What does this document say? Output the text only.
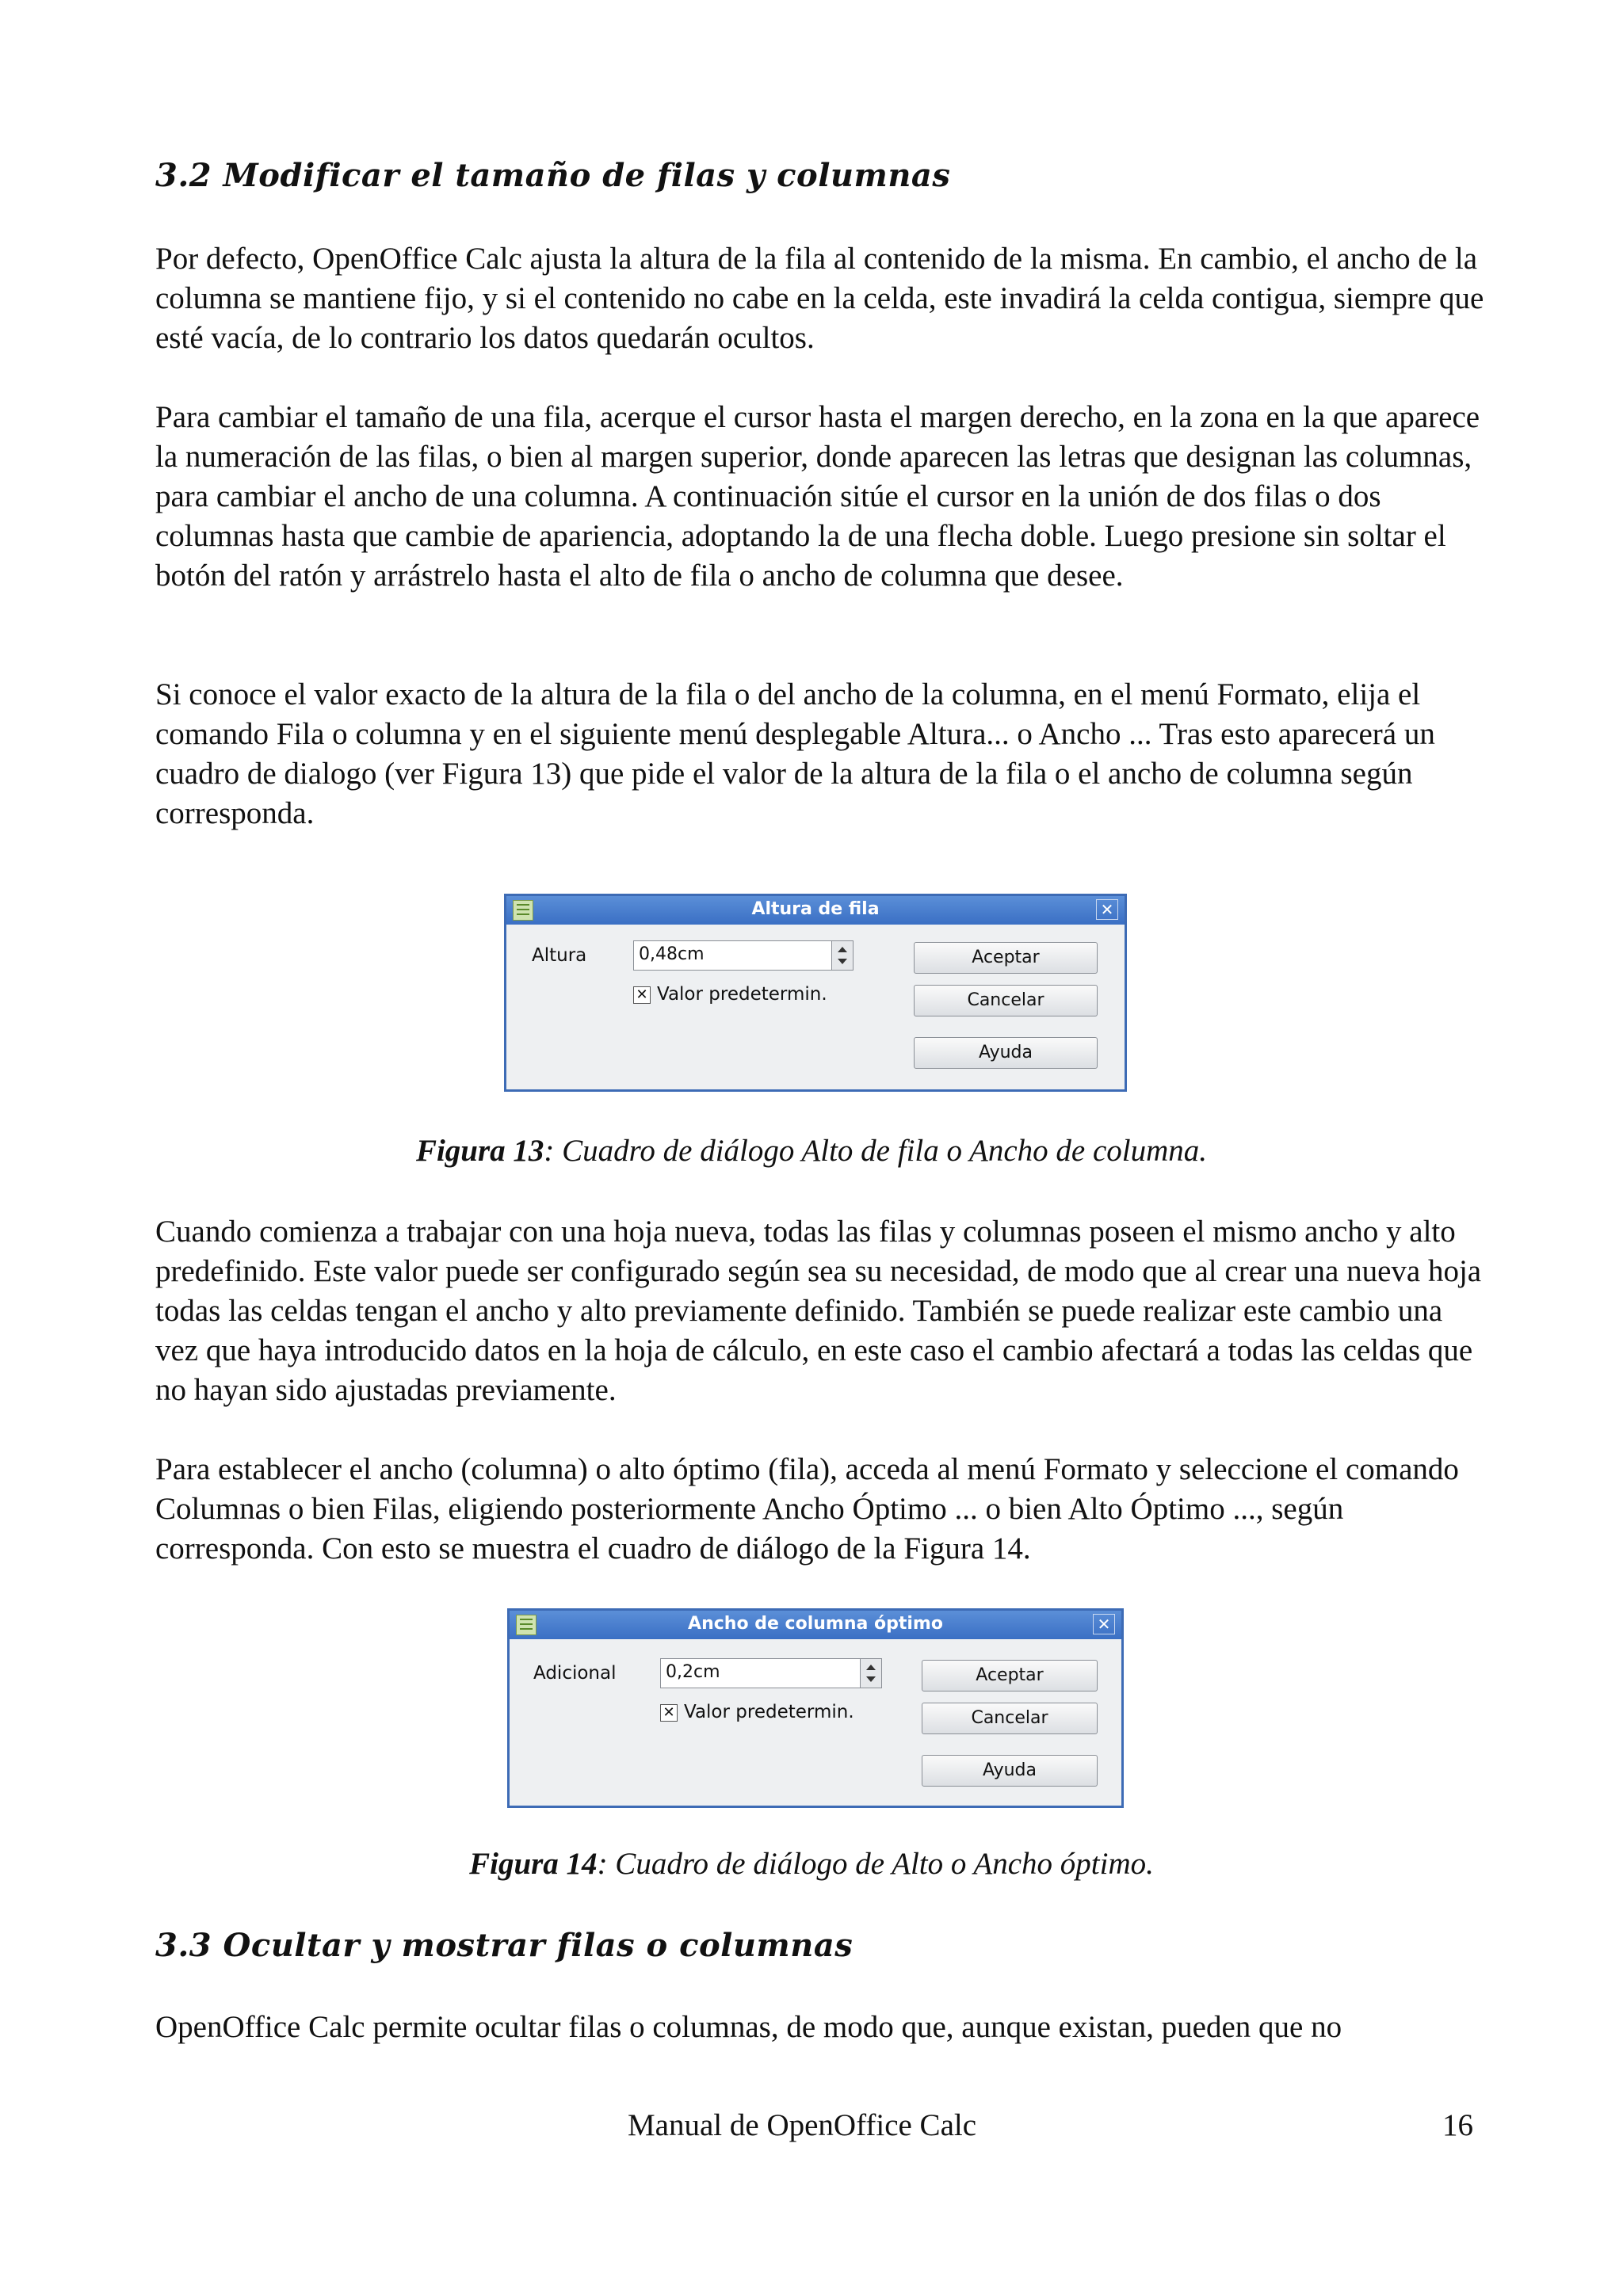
3.2 Modificar el tamaño de filas y columnas

Por defecto, OpenOffice Calc ajusta la altura de la fila al contenido de la misma. En cambio, el ancho de la columna se mantiene fijo, y si el contenido no cabe en la celda, este invadirá la celda contigua, siempre que esté vacía, de lo contrario los datos quedarán ocultos.

Para cambiar el tamaño de una fila, acerque el cursor hasta el margen derecho, en la zona en la que aparece la numeración de las filas, o bien al margen superior, donde aparecen las letras que designan las columnas, para cambiar el ancho de una columna. A continuación sitúe el cursor en la unión de dos filas o dos columnas hasta que cambie de apariencia, adoptando la de una flecha doble. Luego presione sin soltar el botón del ratón y arrástrelo hasta el alto de fila o ancho de columna que desee.

Si conoce el valor exacto de la altura de la fila o del ancho de la columna, en el menú Formato, elija el comando Fila o columna y en el siguiente menú desplegable Altura... o Ancho ... Tras esto aparecerá un cuadro de dialogo (ver Figura 13) que pide el valor de la altura de la fila o el ancho de columna según corresponda.

Altura de fila	✕
Altura	0,48cm
✕ Valor predetermin.
Aceptar
Cancelar
Ayuda

Figura 13: Cuadro de diálogo Alto de fila o Ancho de columna.

Cuando comienza a trabajar con una hoja nueva, todas las filas y columnas poseen el mismo ancho y alto predefinido. Este valor puede ser configurado según sea su necesidad, de modo que al crear una nueva hoja todas las celdas tengan el ancho y alto previamente definido. También se puede realizar este cambio una vez que haya introducido datos en la hoja de cálculo, en este caso el cambio afectará a todas las celdas que no hayan sido ajustadas previamente.

Para establecer el ancho (columna) o alto óptimo (fila), acceda al menú Formato y seleccione el comando Columnas o bien Filas, eligiendo posteriormente Ancho Óptimo ... o bien Alto Óptimo ..., según corresponda. Con esto se muestra el cuadro de diálogo de la Figura 14.

Ancho de columna óptimo	✕
Adicional	0,2cm
✕ Valor predetermin.
Aceptar
Cancelar
Ayuda

Figura 14: Cuadro de diálogo de Alto o Ancho óptimo.

3.3 Ocultar y mostrar filas o columnas

OpenOffice Calc permite ocultar filas o columnas, de modo que, aunque existan, pueden que no

Manual de OpenOffice Calc	16
